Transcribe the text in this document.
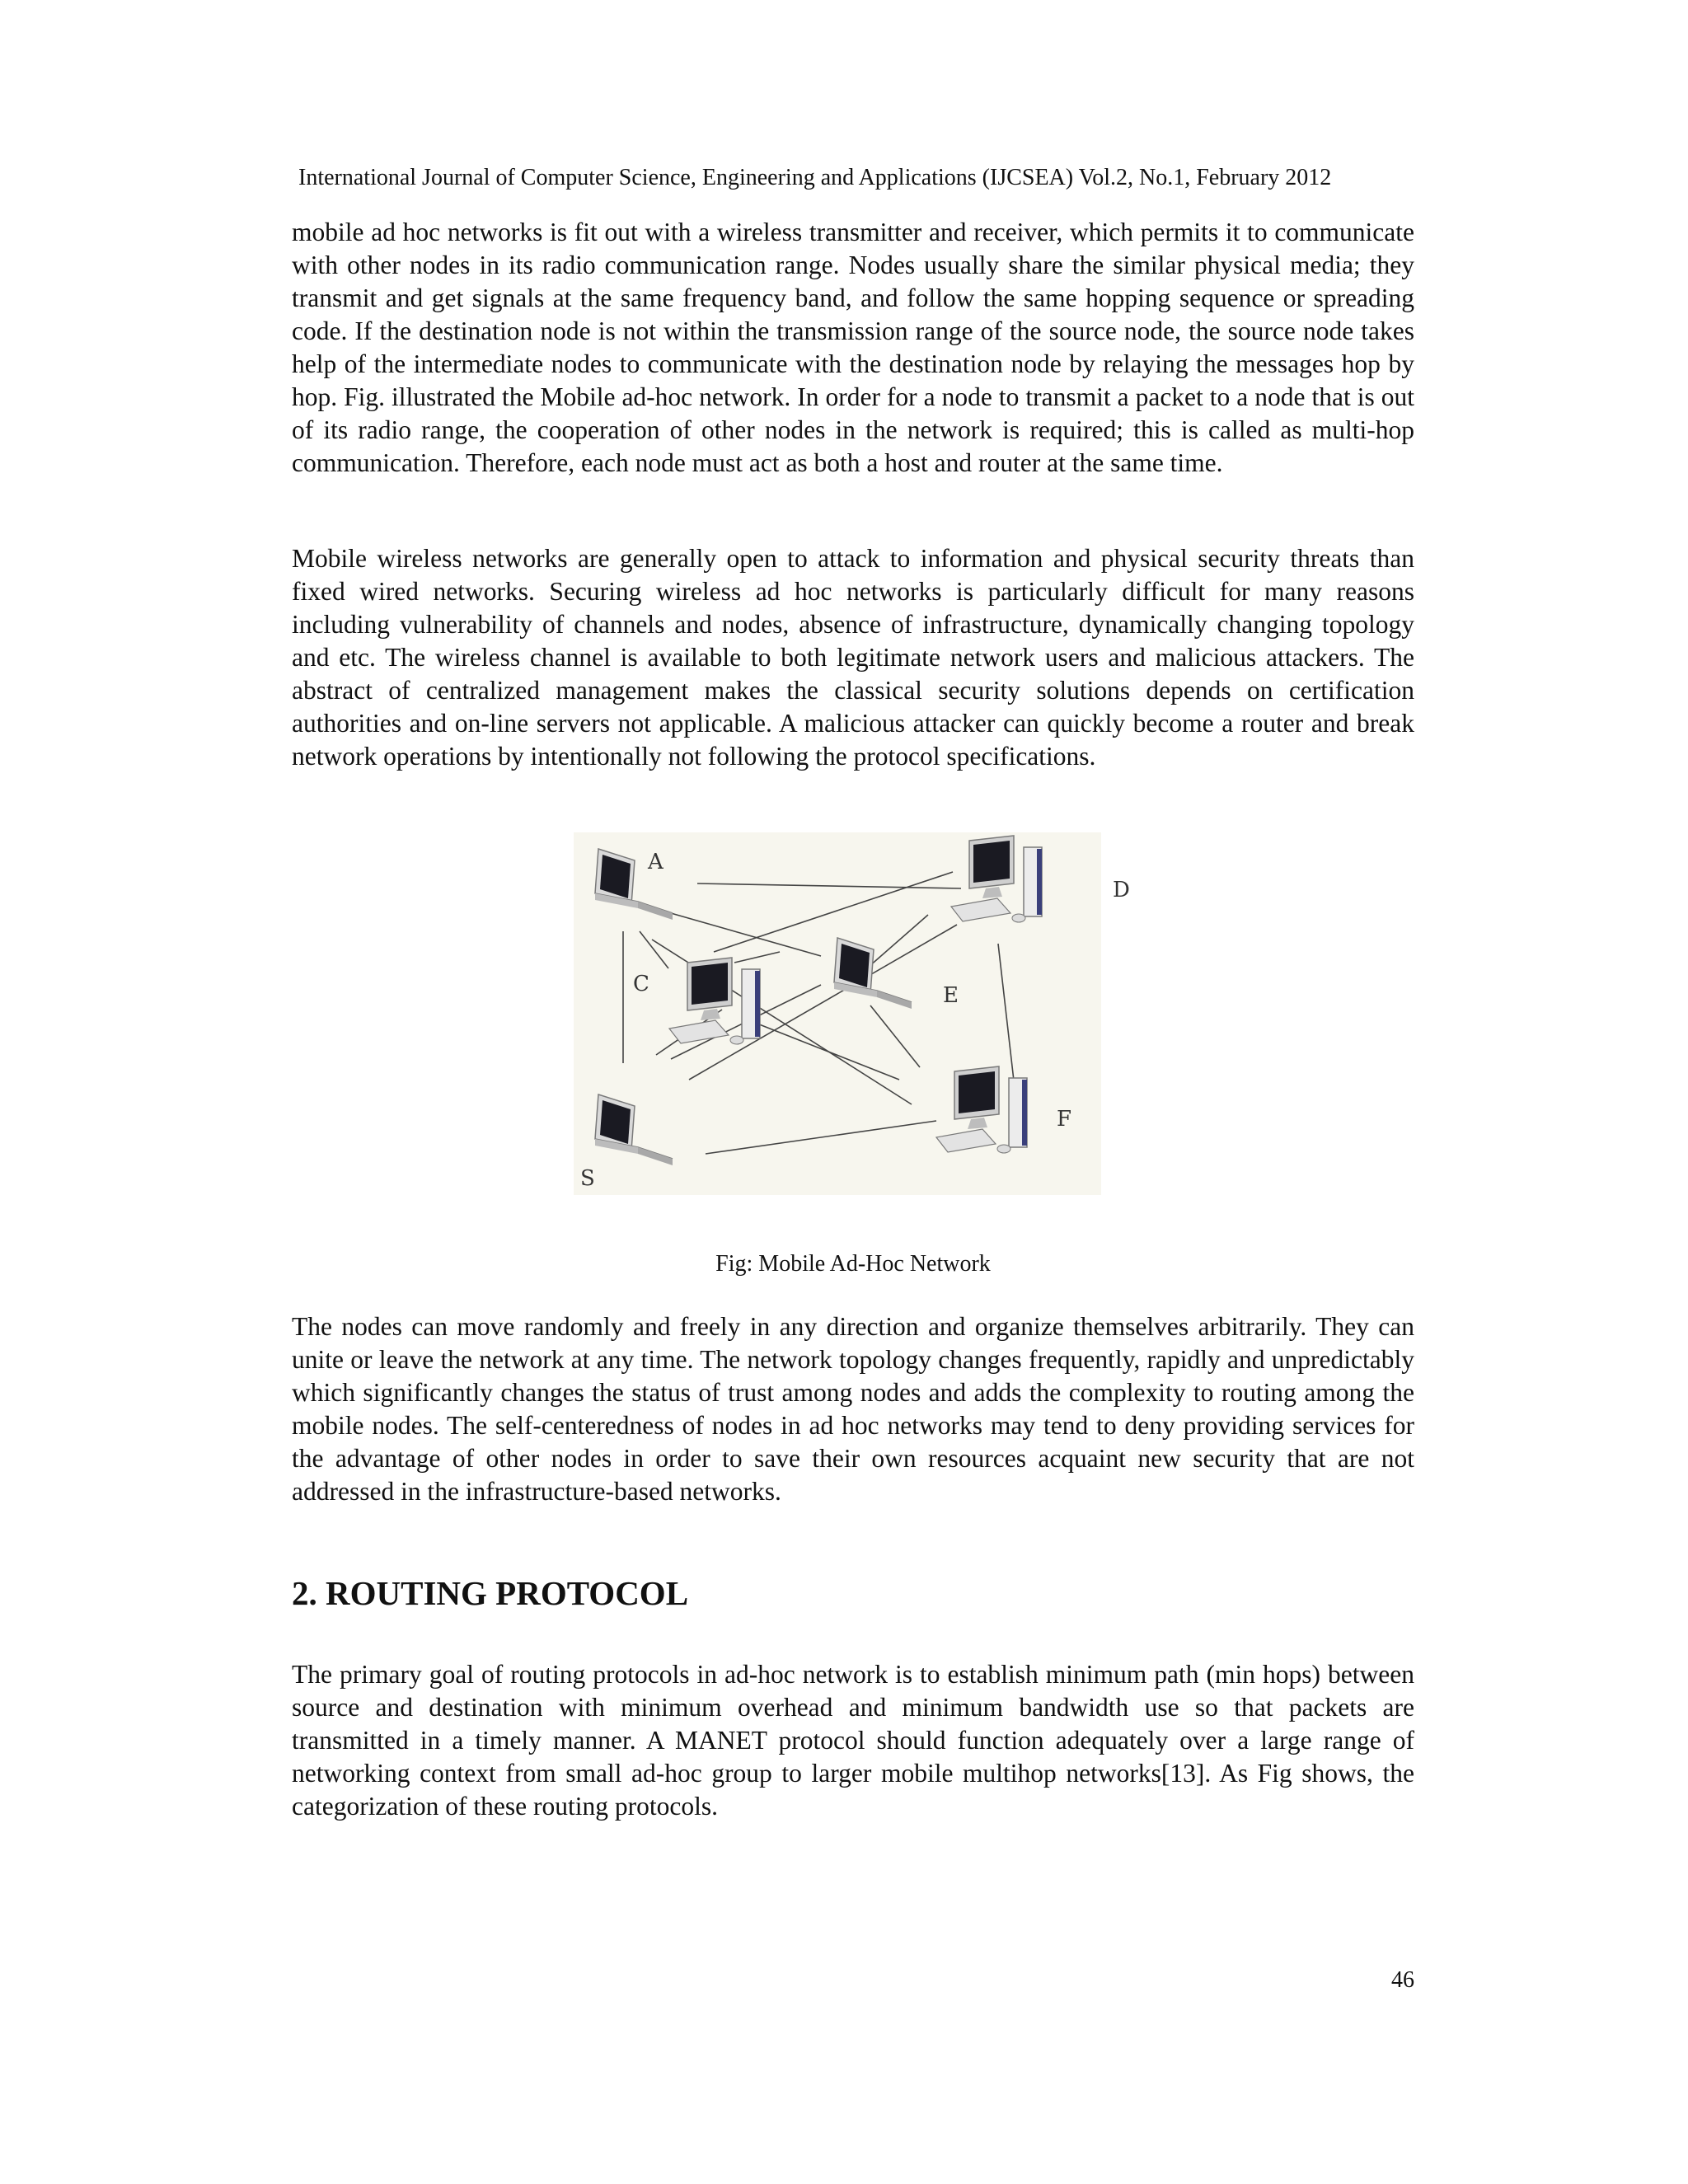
International Journal of Computer Science, Engineering and Applications (IJCSEA) Vol.2, No.1, February 2012

mobile ad hoc networks is fit out with a wireless transmitter and receiver, which permits it to communicate with other nodes in its radio communication range. Nodes usually share the similar physical media; they transmit and get signals at the same frequency band, and follow the same hopping sequence or spreading code. If the destination node is not within the transmission range of the source node, the source node takes help of the intermediate nodes to communicate with the destination node by relaying the messages hop by hop. Fig. illustrated the Mobile ad-hoc network. In order for a node to transmit a packet to a node that is out of its radio range, the cooperation of other nodes in the network is required; this is called as multi-hop communication. Therefore, each node must act as both a host and router at the same time.

Mobile wireless networks are generally open to attack to information and physical security threats than fixed wired networks. Securing wireless ad hoc networks is particularly difficult for many reasons including vulnerability of channels and nodes, absence of infrastructure, dynamically changing topology and etc. The wireless channel is available to both legitimate network users and malicious attackers. The abstract of centralized management makes the classical security solutions depends on certification authorities and on-line servers not applicable. A malicious attacker can quickly become a router and break network operations by intentionally not following the protocol specifications.

A
D
C	E
F
S
Fig: Mobile Ad-Hoc Network

The nodes can move randomly and freely in any direction and organize themselves arbitrarily. They can unite or leave the network at any time. The network topology changes frequently, rapidly and unpredictably which significantly changes the status of trust among nodes and adds the complexity to routing among the mobile nodes. The self-centeredness of nodes in ad hoc networks may tend to deny providing services for the advantage of other nodes in order to save their own resources acquaint new security that are not addressed in the infrastructure-based networks.

2. ROUTING PROTOCOL

The primary goal of routing protocols in ad-hoc network is to establish minimum path (min hops) between source and destination with minimum overhead and minimum bandwidth use so that packets are transmitted in a timely manner. A MANET protocol should function adequately over a large range of networking context from small ad-hoc group to larger mobile multihop networks[13]. As Fig shows, the categorization of these routing protocols.

46
